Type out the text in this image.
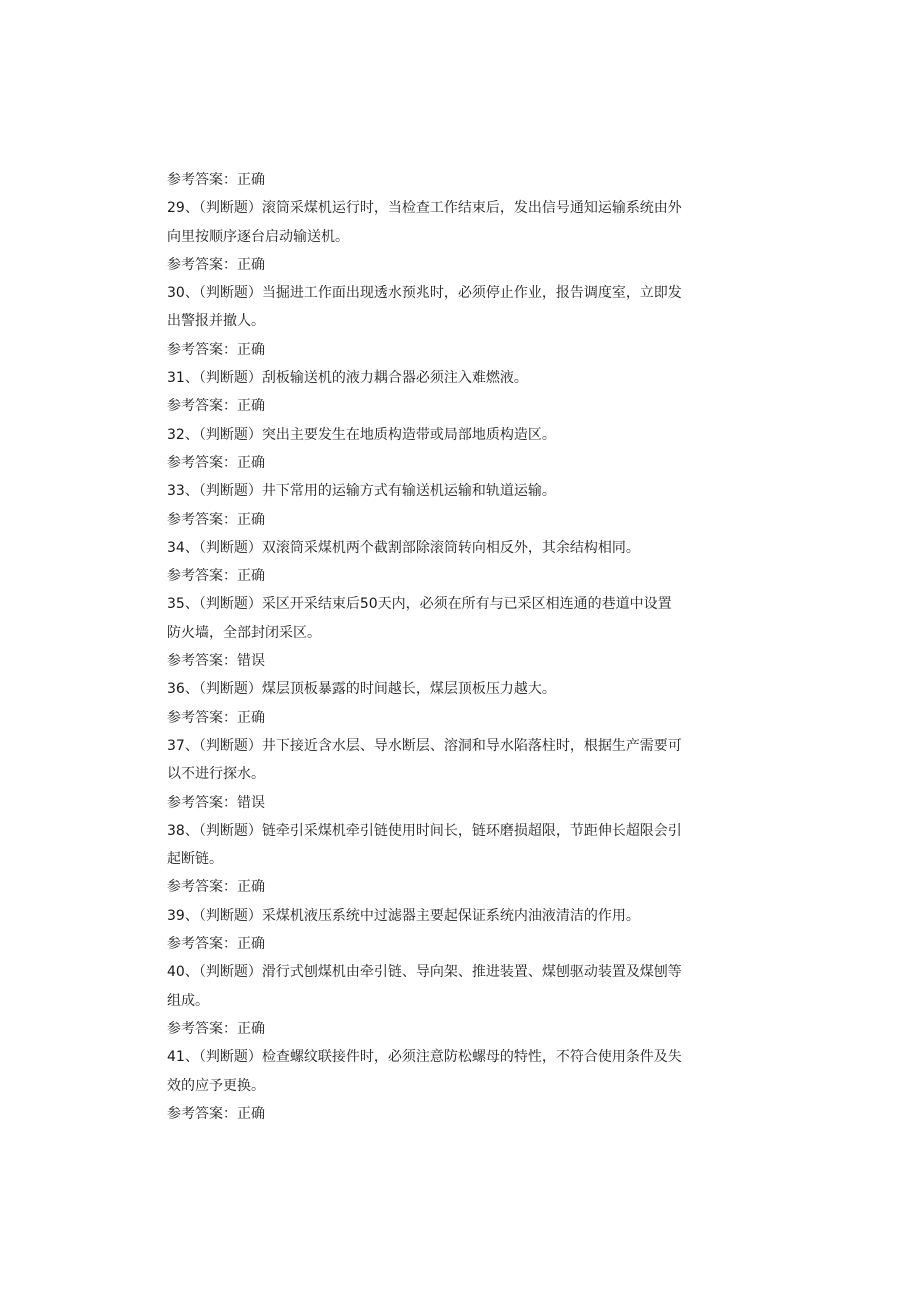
参考答案：正确
29、（判断题）滚筒采煤机运行时，当检查工作结束后，发出信号通知运输系统由外
向里按顺序逐台启动输送机。
参考答案：正确
30、（判断题）当掘进工作面出现透水预兆时，必须停止作业，报告调度室，立即发
出警报并撤人。
参考答案：正确
31、（判断题）刮板输送机的液力耦合器必须注入难燃液。
参考答案：正确
32、（判断题）突出主要发生在地质构造带或局部地质构造区。
参考答案：正确
33、（判断题）井下常用的运输方式有输送机运输和轨道运输。
参考答案：正确
34、（判断题）双滚筒采煤机两个截割部除滚筒转向相反外，其余结构相同。
参考答案：正确
35、（判断题）采区开采结束后50天内，必须在所有与已采区相连通的巷道中设置
防火墙，全部封闭采区。
参考答案：错误
36、（判断题）煤层顶板暴露的时间越长，煤层顶板压力越大。
参考答案：正确
37、（判断题）井下接近含水层、导水断层、溶洞和导水陷落柱时，根据生产需要可
以不进行探水。
参考答案：错误
38、（判断题）链牵引采煤机牵引链使用时间长，链环磨损超限，节距伸长超限会引
起断链。
参考答案：正确
39、（判断题）采煤机液压系统中过滤器主要起保证系统内油液清洁的作用。
参考答案：正确
40、（判断题）滑行式刨煤机由牵引链、导向架、推进装置、煤刨驱动装置及煤刨等
组成。
参考答案：正确
41、（判断题）检查螺纹联接件时，必须注意防松螺母的特性，不符合使用条件及失
效的应予更换。
参考答案：正确
